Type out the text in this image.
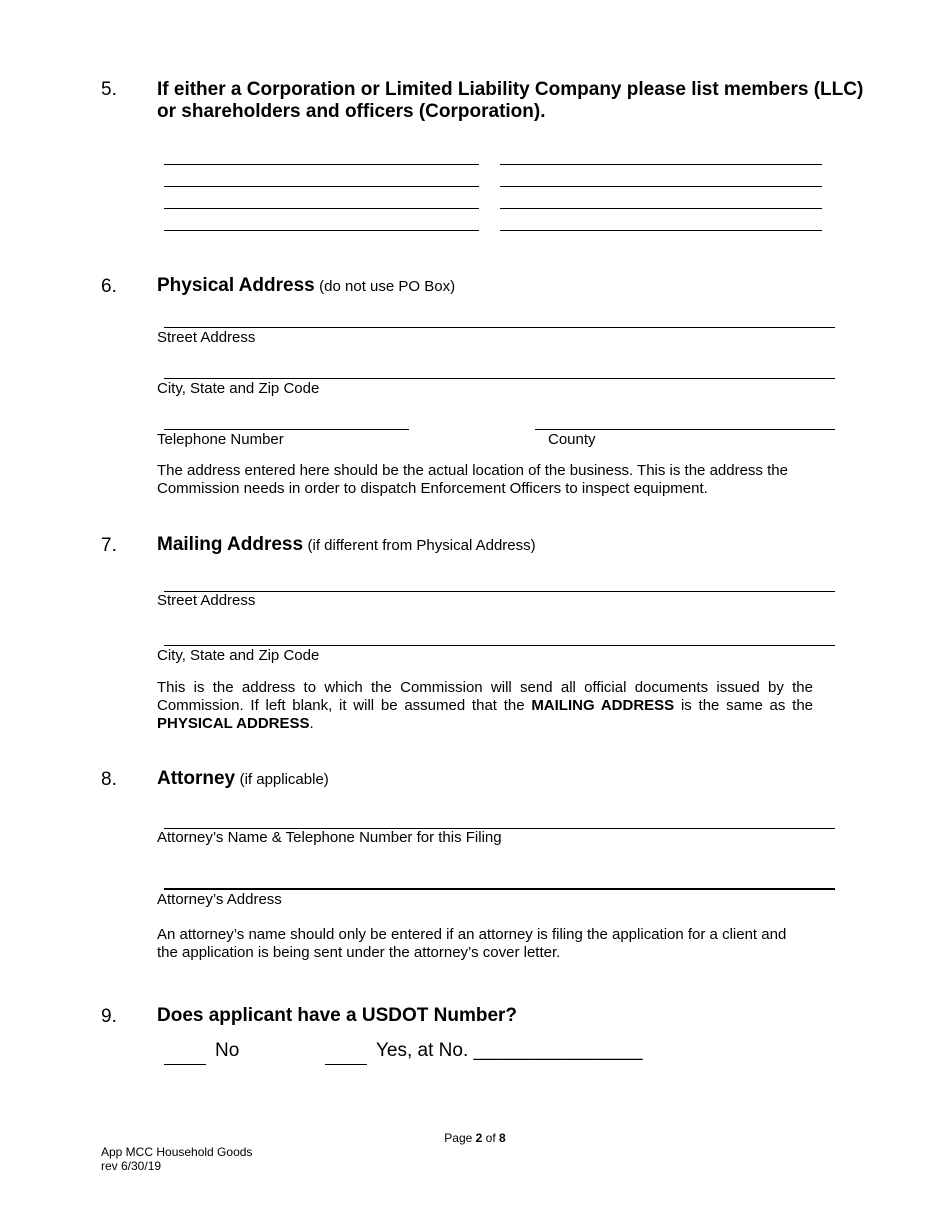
5. If either a Corporation or Limited Liability Company please list members (LLC)
or shareholders and officers (Corporation).
6. Physical Address (do not use PO Box)
Street Address
City, State and Zip Code
Telephone Number	County
The address entered here should be the actual location of the business. This is the address the
Commission needs in order to dispatch Enforcement Officers to inspect equipment.
7. Mailing Address (if different from Physical Address)
Street Address
City, State and Zip Code
This is the address to which the Commission will send all official documents issued by the Commission. If left blank, it will be assumed that the MAILING ADDRESS is the same as the PHYSICAL ADDRESS.
8. Attorney (if applicable)
Attorney’s Name & Telephone Number for this Filing
Attorney’s Address
An attorney’s name should only be entered if an attorney is filing the application for a client and
the application is being sent under the attorney’s cover letter.
9. Does applicant have a USDOT Number?
No	Yes, at No. ________________
Page 2 of 8
App MCC Household Goods
rev 6/30/19
